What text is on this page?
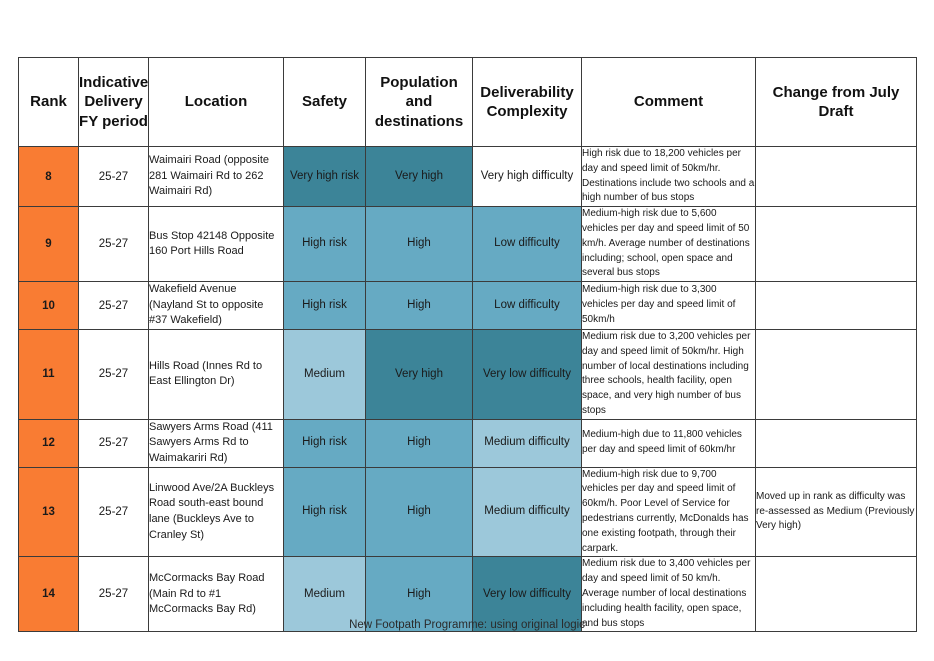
Rank	Indicative Delivery FY period	Location	Safety	Population and destinations	Deliverability Complexity	Comment	Change from July Draft
8	25-27	Waimairi Road (opposite 281 Waimairi Rd to 262 Waimairi Rd)	Very high risk	Very high	Very high difficulty	High risk due to 18,200 vehicles per day and speed limit of 50km/hr. Destinations include two schools and a high number of bus stops	
9	25-27	Bus Stop 42148 Opposite 160 Port Hills Road	High risk	High	Low difficulty	Medium-high risk due to 5,600 vehicles per day and speed limit of 50 km/h. Average number of destinations including; school, open space and several bus stops	
10	25-27	Wakefield Avenue (Nayland St to opposite #37 Wakefield)	High risk	High	Low difficulty	Medium-high risk due to 3,300 vehicles per day and speed limit of 50km/h	
11	25-27	Hills Road (Innes Rd to East Ellington Dr)	Medium	Very high	Very low difficulty	Medium risk due to 3,200 vehicles per day and speed limit of 50km/hr. High number of local destinations including three schools, health facility, open space, and very high number of bus stops	
12	25-27	Sawyers Arms Road (411 Sawyers Arms Rd to Waimakariri Rd)	High risk	High	Medium difficulty	Medium-high due to 11,800 vehicles per day and speed limit of 60km/hr	
13	25-27	Linwood Ave/2A Buckleys Road south-east bound lane (Buckleys Ave to Cranley St)	High risk	High	Medium difficulty	Medium-high risk due to 9,700 vehicles per day and speed limit of 60km/h. Poor Level of Service for pedestrians currently, McDonalds has one existing footpath, through their carpark.	Moved up in rank as difficulty was re-assessed as Medium (Previously Very high)
14	25-27	McCormacks Bay Road (Main Rd to #1 McCormacks Bay Rd)	Medium	High	Very low difficulty	Medium risk due to 3,400 vehicles per day and speed limit of 50 km/h. Average number of local destinations including health facility, open space, and bus stops	
New Footpath Programme: using original logic
